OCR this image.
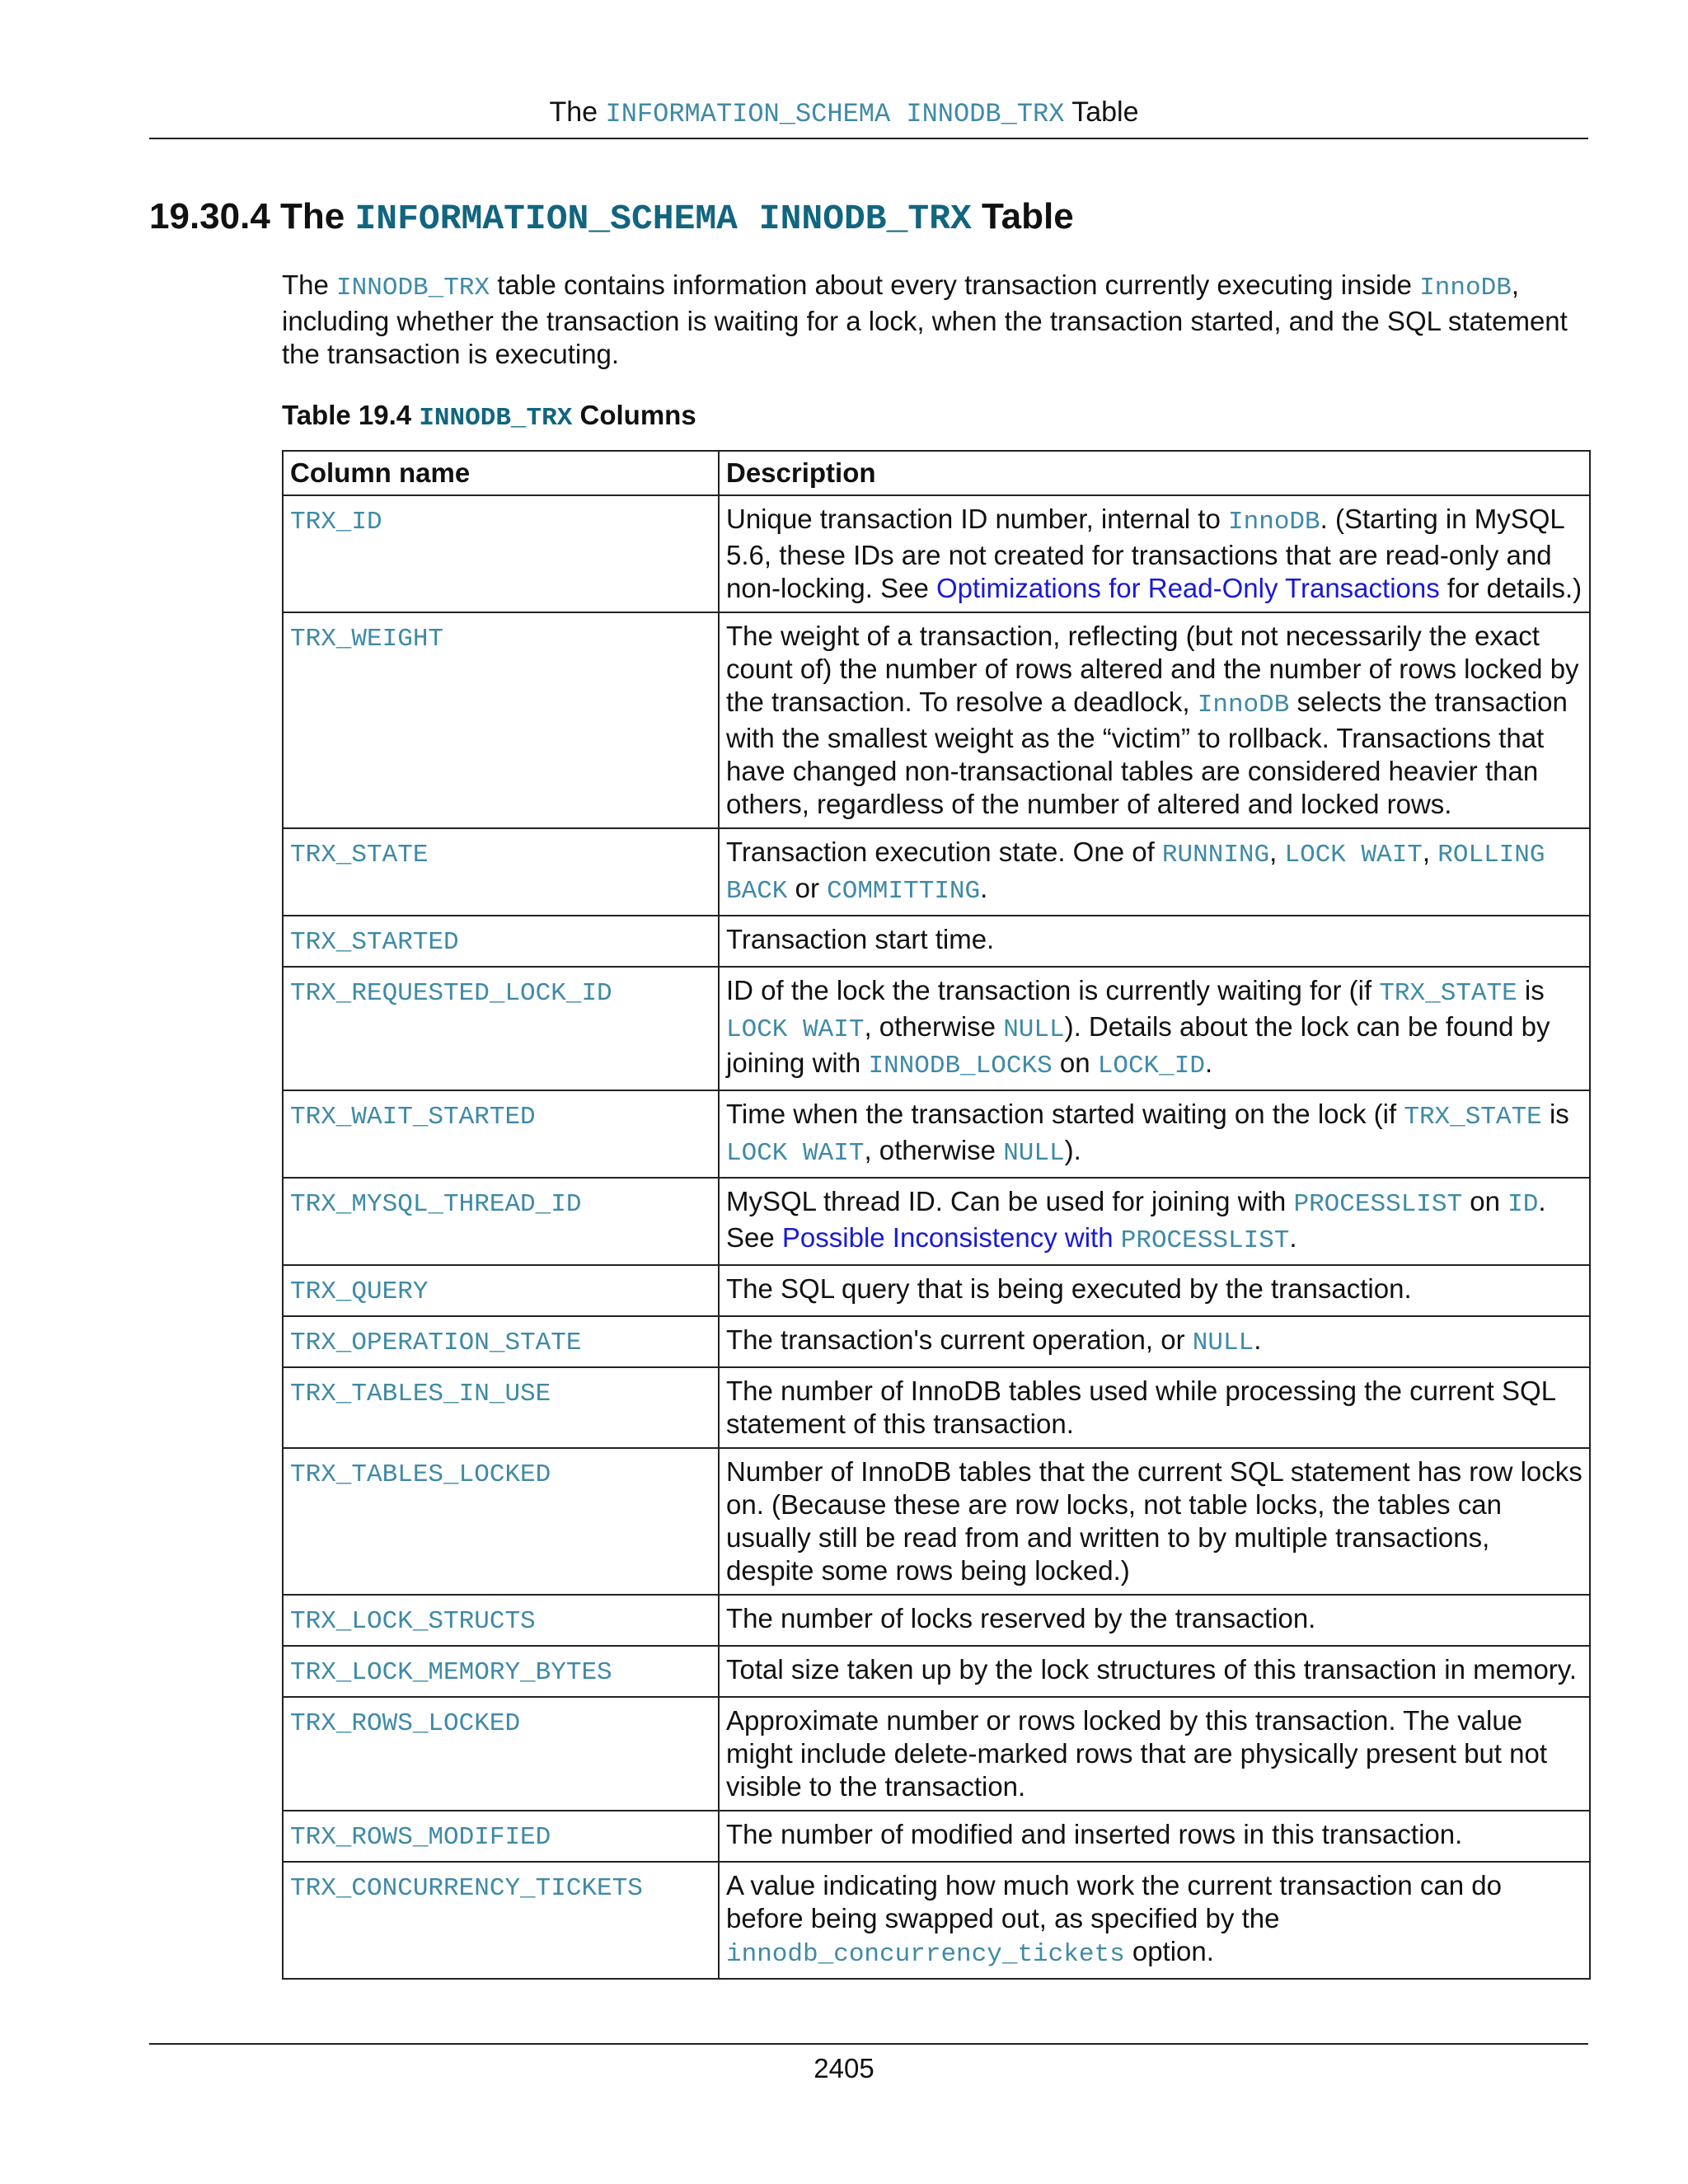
The INFORMATION_SCHEMA INNODB_TRX Table
19.30.4 The INFORMATION_SCHEMA INNODB_TRX Table
The INNODB_TRX table contains information about every transaction currently executing inside InnoDB, including whether the transaction is waiting for a lock, when the transaction started, and the SQL statement the transaction is executing.
Table 19.4 INNODB_TRX Columns
Column name	Description
TRX_ID	Unique transaction ID number, internal to InnoDB. (Starting in MySQL 5.6, these IDs are not created for transactions that are read-only and non-locking. See Optimizations for Read-Only Transactions for details.)
TRX_WEIGHT	The weight of a transaction, reflecting (but not necessarily the exact count of) the number of rows altered and the number of rows locked by the transaction. To resolve a deadlock, InnoDB selects the transaction with the smallest weight as the “victim” to rollback. Transactions that have changed non-transactional tables are considered heavier than others, regardless of the number of altered and locked rows.
TRX_STATE	Transaction execution state. One of RUNNING, LOCK WAIT, ROLLING BACK or COMMITTING.
TRX_STARTED	Transaction start time.
TRX_REQUESTED_LOCK_ID	ID of the lock the transaction is currently waiting for (if TRX_STATE is LOCK WAIT, otherwise NULL). Details about the lock can be found by joining with INNODB_LOCKS on LOCK_ID.
TRX_WAIT_STARTED	Time when the transaction started waiting on the lock (if TRX_STATE is LOCK WAIT, otherwise NULL).
TRX_MYSQL_THREAD_ID	MySQL thread ID. Can be used for joining with PROCESSLIST on ID. See Possible Inconsistency with PROCESSLIST.
TRX_QUERY	The SQL query that is being executed by the transaction.
TRX_OPERATION_STATE	The transaction's current operation, or NULL.
TRX_TABLES_IN_USE	The number of InnoDB tables used while processing the current SQL statement of this transaction.
TRX_TABLES_LOCKED	Number of InnoDB tables that the current SQL statement has row locks on. (Because these are row locks, not table locks, the tables can usually still be read from and written to by multiple transactions, despite some rows being locked.)
TRX_LOCK_STRUCTS	The number of locks reserved by the transaction.
TRX_LOCK_MEMORY_BYTES	Total size taken up by the lock structures of this transaction in memory.
TRX_ROWS_LOCKED	Approximate number or rows locked by this transaction. The value might include delete-marked rows that are physically present but not visible to the transaction.
TRX_ROWS_MODIFIED	The number of modified and inserted rows in this transaction.
TRX_CONCURRENCY_TICKETS	A value indicating how much work the current transaction can do before being swapped out, as specified by the innodb_concurrency_tickets option.
2405
